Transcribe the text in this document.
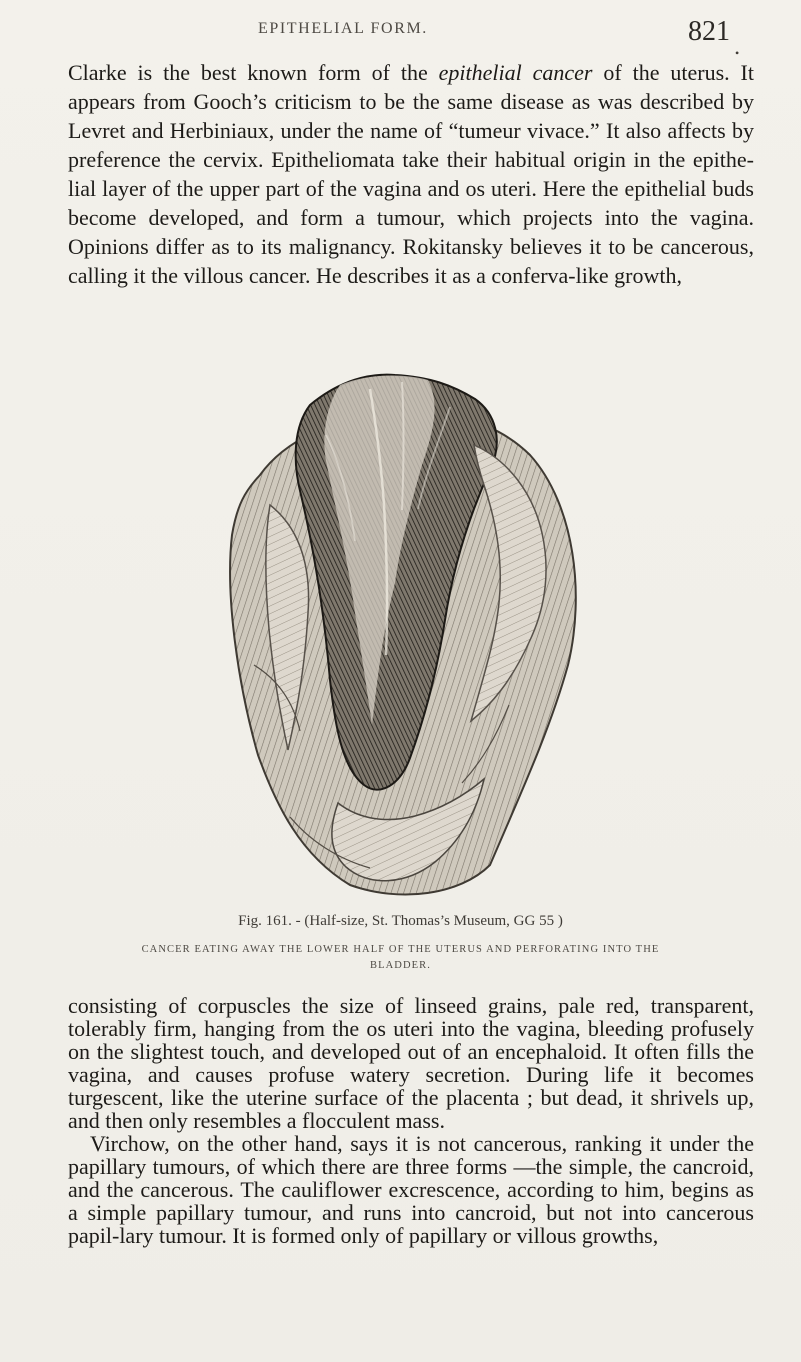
EPITHELIAL FORM.	821
•

Clarke is the best known form of the epithelial cancer of the uterus. It appears from Gooch’s criticism to be the same disease as was described by Levret and Herbiniaux, under the name of “tumeur vivace.” It also affects by preference the cervix. Epitheliomata take their habitual origin in the epithe-lial layer of the upper part of the vagina and os uteri. Here the epithelial buds become developed, and form a tumour, which projects into the vagina. Opinions differ as to its malignancy. Rokitansky believes it to be cancerous, calling it the villous cancer. He describes it as a conferva-like growth,

Fig. 161. - (Half-size, St. Thomas’s Museum, GG 55 )
CANCER EATING AWAY THE LOWER HALF OF THE UTERUS AND PERFORATING INTO THE
BLADDER.

consisting of corpuscles the size of linseed grains, pale red, transparent, tolerably firm, hanging from the os uteri into the vagina, bleeding profusely on the slightest touch, and developed out of an encephaloid. It often fills the vagina, and causes profuse watery secretion. During life it becomes turgescent, like the uterine surface of the placenta ; but dead, it shrivels up, and then only resembles a flocculent mass.

Virchow, on the other hand, says it is not cancerous, ranking it under the papillary tumours, of which there are three forms —the simple, the cancroid, and the cancerous. The cauliflower excrescence, according to him, begins as a simple papillary tumour, and runs into cancroid, but not into cancerous papil-lary tumour. It is formed only of papillary or villous growths,
